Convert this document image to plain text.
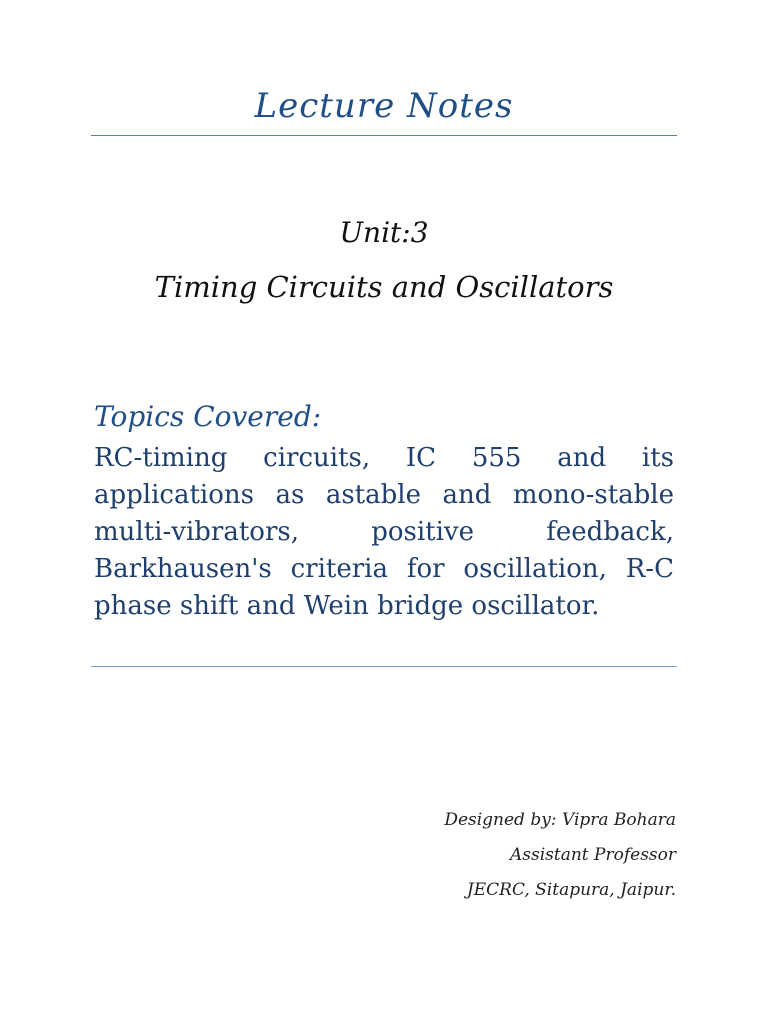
Lecture Notes
Unit:3
Timing Circuits and Oscillators
Topics Covered:

RC-timing circuits, IC 555 and its applications as astable and mono-stable multi-vibrators, positive feedback, Barkhausen's criteria for oscillation, R-C phase shift and Wein bridge oscillator.

Designed by: Vipra Bohara
Assistant Professor
JECRC, Sitapura, Jaipur.
